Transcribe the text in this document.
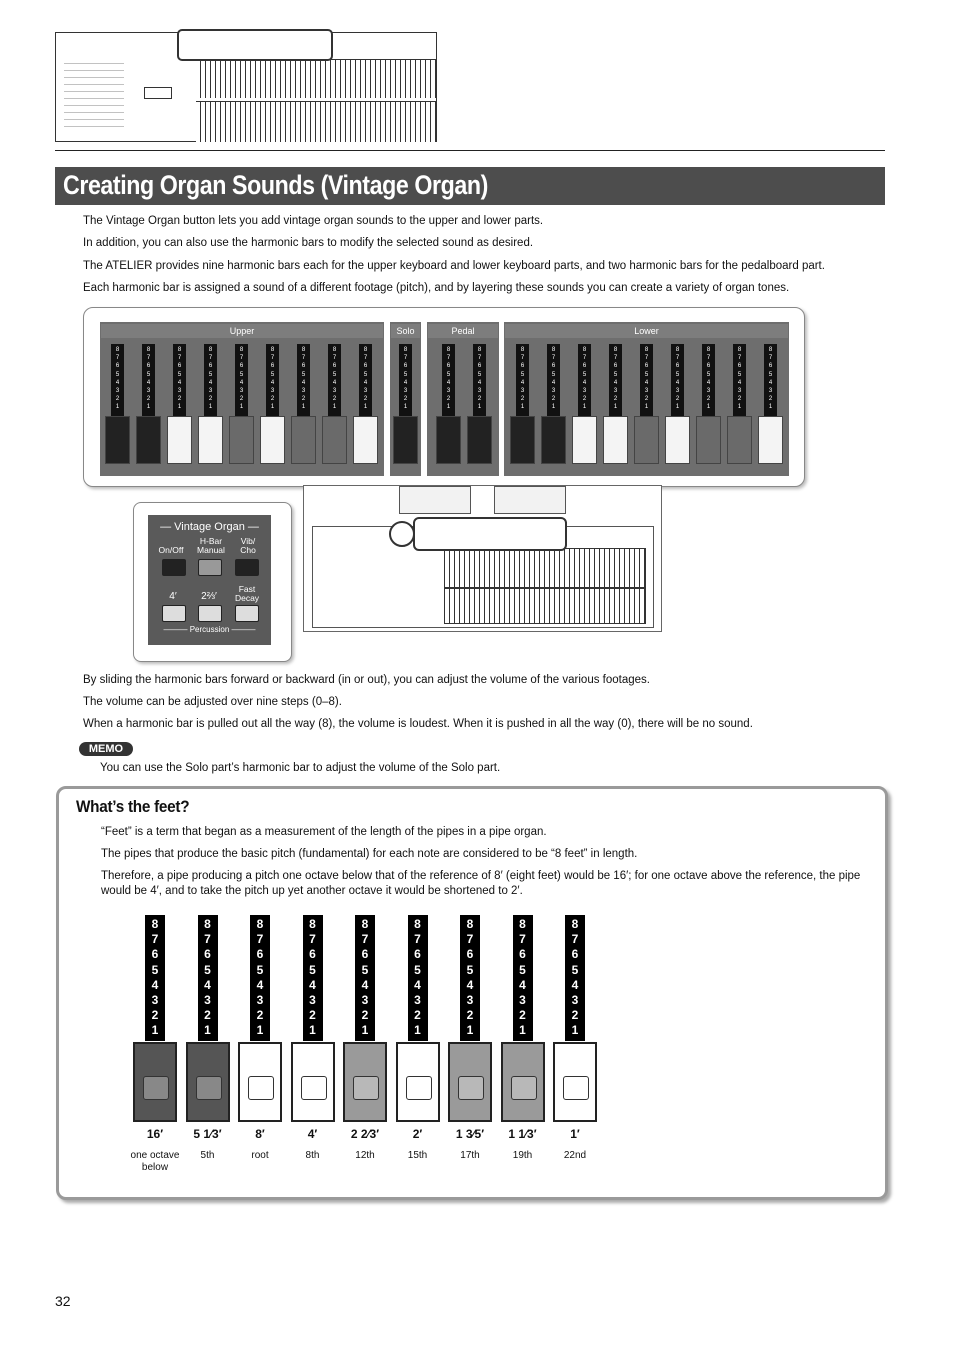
Creating Organ Sounds (Vintage Organ)
The Vintage Organ button lets you add vintage organ sounds to the upper and lower parts.
In addition, you can also use the harmonic bars to modify the selected sound as desired.
The ATELIER provides nine harmonic bars each for the upper keyboard and lower keyboard parts, and two harmonic bars for the pedalboard part.
Each harmonic bar is assigned a sound of a different footage (pitch), and by layering these sounds you can create a variety of organ tones.
Upper	Solo	Pedal	Lower
8
7
6
5
4
3
2
1
8
7
6
5
4
3
2
1
8
7
6
5
4
3
2
1
8
7
6
5
4
3
2
1
8
7
6
5
4
3
2
1
8
7
6
5
4
3
2
1
8
7
6
5
4
3
2
1
8
7
6
5
4
3
2
1
8
7
6
5
4
3
2
1
8
7
6
5
4
3
2
1
8
7
6
5
4
3
2
1
8
7
6
5
4
3
2
1
8
7
6
5
4
3
2
1
8
7
6
5
4
3
2
1
8
7
6
5
4
3
2
1
8
7
6
5
4
3
2
1
8
7
6
5
4
3
2
1
8
7
6
5
4
3
2
1
8
7
6
5
4
3
2
1
8
7
6
5
4
3
2
1
8
7
6
5
4
3
2
1
— Vintage Organ —
On/Off
H-Bar Manual
Vib/ Cho
4′	2⅔′
Fast Decay
——— Percussion ———
By sliding the harmonic bars forward or backward (in or out), you can adjust the volume of the various footages.
The volume can be adjusted over nine steps (0–8).
When a harmonic bar is pulled out all the way (8), the volume is loudest. When it is pushed in all the way (0), there will be no sound.
MEMO
You can use the Solo part’s harmonic bar to adjust the volume of the Solo part.
What’s the feet?
“Feet” is a term that began as a measurement of the length of the pipes in a pipe organ.
The pipes that produce the basic pitch (fundamental) for each note are considered to be “8 feet” in length.
Therefore, a pipe producing a pitch one octave below that of the reference of 8′ (eight feet) would be 16′; for one octave above the reference, the pipe would be 4′, and to take the pitch up yet another octave it would be shortened to 2′.
8
7
6
5
4
3
2
1
16′
one octave below
8
7
6
5
4
3
2
1
5 1⁄3′
5th
8
7
6
5
4
3
2
1
8′
root
8
7
6
5
4
3
2
1
4′
8th
8
7
6
5
4
3
2
1
2 2⁄3′
12th
8
7
6
5
4
3
2
1
2′
15th
8
7
6
5
4
3
2
1
1 3⁄5′
17th
8
7
6
5
4
3
2
1
1 1⁄3′
19th
8
7
6
5
4
3
2
1
1′
22nd
32
